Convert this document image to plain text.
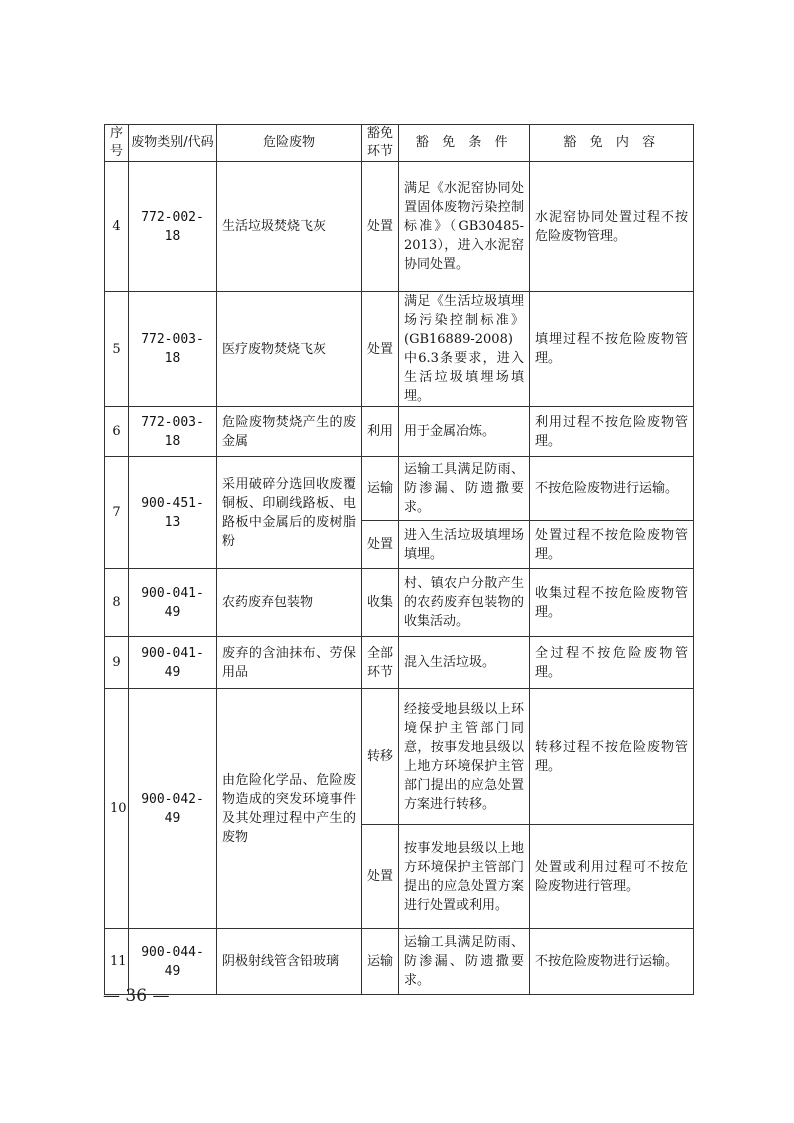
序号	废物类别/代码	危险废物	豁免环节	豁 免 条 件	豁 免 内 容
4	772-002-18	生活垃圾焚烧飞灰	处置	满足《水泥窑协同处置固体废物污染控制标准》（GB30485-2013），进入水泥窑协同处置。	水泥窑协同处置过程不按危险废物管理。
5	772-003-18	医疗废物焚烧飞灰	处置	满足《生活垃圾填埋场污染控制标准》(GB16889-2008)中6.3条要求，进入生活垃圾填埋场填埋。	填埋过程不按危险废物管理。
6	772-003-18	危险废物焚烧产生的废金属	利用	用于金属冶炼。	利用过程不按危险废物管理。
7	900-451-13	采用破碎分选回收废覆铜板、印刷线路板、电路板中金属后的废树脂粉	运输	运输工具满足防雨、防渗漏、防遗撒要求。	不按危险废物进行运输。
			处置	进入生活垃圾填埋场填埋。	处置过程不按危险废物管理。
8	900-041-49	农药废弃包装物	收集	村、镇农户分散产生的农药废弃包装物的收集活动。	收集过程不按危险废物管理。
9	900-041-49	废弃的含油抹布、劳保用品	全部环节	混入生活垃圾。	全过程不按危险废物管理。
10	900-042-49	由危险化学品、危险废物造成的突发环境事件及其处理过程中产生的废物	转移	经接受地县级以上环境保护主管部门同意，按事发地县级以上地方环境保护主管部门提出的应急处置方案进行转移。	转移过程不按危险废物管理。
			处置	按事发地县级以上地方环境保护主管部门提出的应急处置方案进行处置或利用。	处置或利用过程可不按危险废物进行管理。
11	900-044-49	阴极射线管含铅玻璃	运输	运输工具满足防雨、防渗漏、防遗撒要求。	不按危险废物进行运输。
— 36 —
